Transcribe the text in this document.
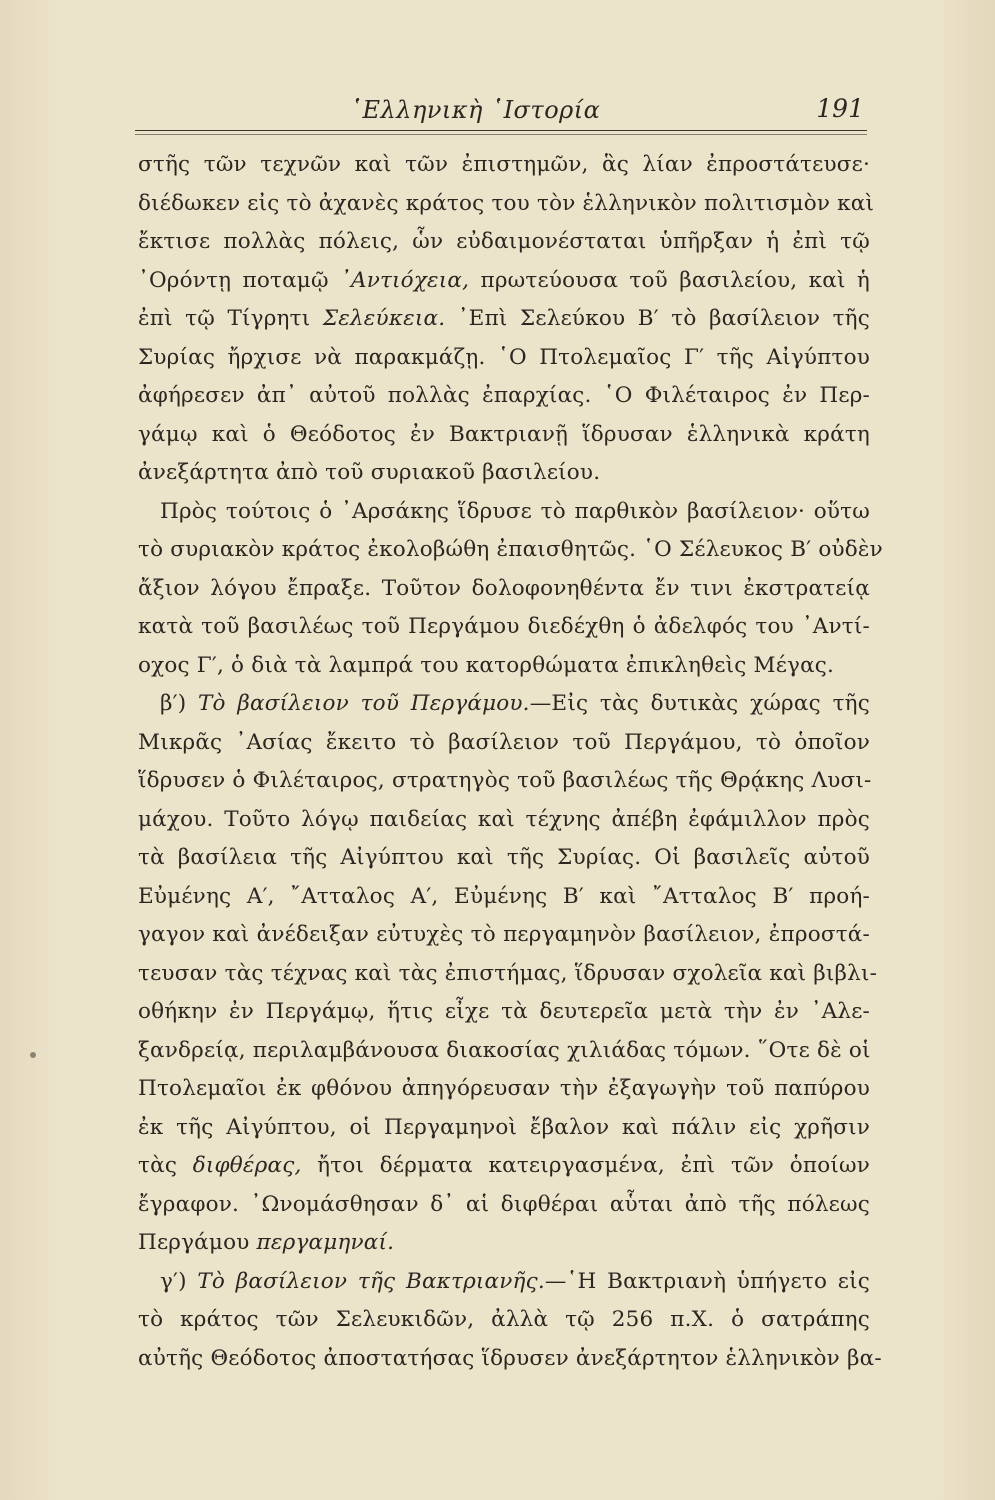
῾Ελληνικὴ ῾Ιστορία	191
στῆς τῶν τεχνῶν καὶ τῶν ἐπιστημῶν, ἃς λίαν ἐπροστάτευσε·
διέδωκεν εἰς τὸ ἀχανὲς κράτος του τὸν ἑλληνικὸν πολιτισμὸν καὶ
ἔκτισε πολλὰς πόλεις, ὧν εὐδαιμονέσταται ὑπῆρξαν ἡ ἐπὶ τῷ
᾿Ορόντῃ ποταμῷ ᾿Αντιόχεια, πρωτεύουσα τοῦ βασιλείου, καὶ ἡ
ἐπὶ τῷ Τίγρητι Σελεύκεια. ᾿Επὶ Σελεύκου Β′ τὸ βασίλειον τῆς
Συρίας ἤρχισε νὰ παρακμάζῃ. ῾Ο Πτολεμαῖος Γ′ τῆς Αἰγύπτου
ἀφήρεσεν ἀπ᾿ αὐτοῦ πολλὰς ἐπαρχίας. ῾Ο Φιλέταιρος ἐν Περ-
γάμῳ καὶ ὁ Θεόδοτος ἐν Βακτριανῇ ἵδρυσαν ἑλληνικὰ κράτη
ἀνεξάρτητα ἀπὸ τοῦ συριακοῦ βασιλείου.
Πρὸς τούτοις ὁ ᾿Αρσάκης ἵδρυσε τὸ παρθικὸν βασίλειον· οὕτω
τὸ συριακὸν κράτος ἐκολοβώθη ἐπαισθητῶς. ῾Ο Σέλευκος Β′ οὐδὲν
ἄξιον λόγου ἔπραξε. Τοῦτον δολοφονηθέντα ἔν τινι ἐκστρατείᾳ
κατὰ τοῦ βασιλέως τοῦ Περγάμου διεδέχθη ὁ ἀδελφός του ᾿Αντί-
οχος Γ′, ὁ διὰ τὰ λαμπρά του κατορθώματα ἐπικληθεὶς Μέγας.
β′) Τὸ βασίλειον τοῦ Περγάμου.—Εἰς τὰς δυτικὰς χώρας τῆς
Μικρᾶς ᾿Ασίας ἔκειτο τὸ βασίλειον τοῦ Περγάμου, τὸ ὁποῖον
ἵδρυσεν ὁ Φιλέταιρος, στρατηγὸς τοῦ βασιλέως τῆς Θρᾴκης Λυσι-
μάχου. Τοῦτο λόγῳ παιδείας καὶ τέχνης ἀπέβη ἐφάμιλλον πρὸς
τὰ βασίλεια τῆς Αἰγύπτου καὶ τῆς Συρίας. Οἱ βασιλεῖς αὐτοῦ
Εὐμένης Α′, ῎Ατταλος Α′, Εὐμένης Β′ καὶ ῎Ατταλος Β′ προή-
γαγον καὶ ἀνέδειξαν εὐτυχὲς τὸ περγαμηνὸν βασίλειον, ἐπροστά-
τευσαν τὰς τέχνας καὶ τὰς ἐπιστήμας, ἵδρυσαν σχολεῖα καὶ βιβλι-
οθήκην ἐν Περγάμῳ, ἥτις εἶχε τὰ δευτερεῖα μετὰ τὴν ἐν ᾿Αλε-
ξανδρείᾳ, περιλαμβάνουσα διακοσίας χιλιάδας τόμων. ῞Οτε δὲ οἱ
Πτολεμαῖοι ἐκ φθόνου ἀπηγόρευσαν τὴν ἐξαγωγὴν τοῦ παπύρου
ἐκ τῆς Αἰγύπτου, οἱ Περγαμηνοὶ ἔβαλον καὶ πάλιν εἰς χρῆσιν
τὰς διφθέρας, ἤτοι δέρματα κατειργασμένα, ἐπὶ τῶν ὁποίων
ἔγραφον. ᾿Ωνομάσθησαν δ᾿ αἱ διφθέραι αὗται ἀπὸ τῆς πόλεως
Περγάμου περγαμηναί.
γ′) Τὸ βασίλειον τῆς Βακτριανῆς.—῾Η Βακτριανὴ ὑπήγετο εἰς
τὸ κράτος τῶν Σελευκιδῶν, ἀλλὰ τῷ 256 π.Χ. ὁ σατράπης
αὐτῆς Θεόδοτος ἀποστατήσας ἵδρυσεν ἀνεξάρτητον ἑλληνικὸν βα-
